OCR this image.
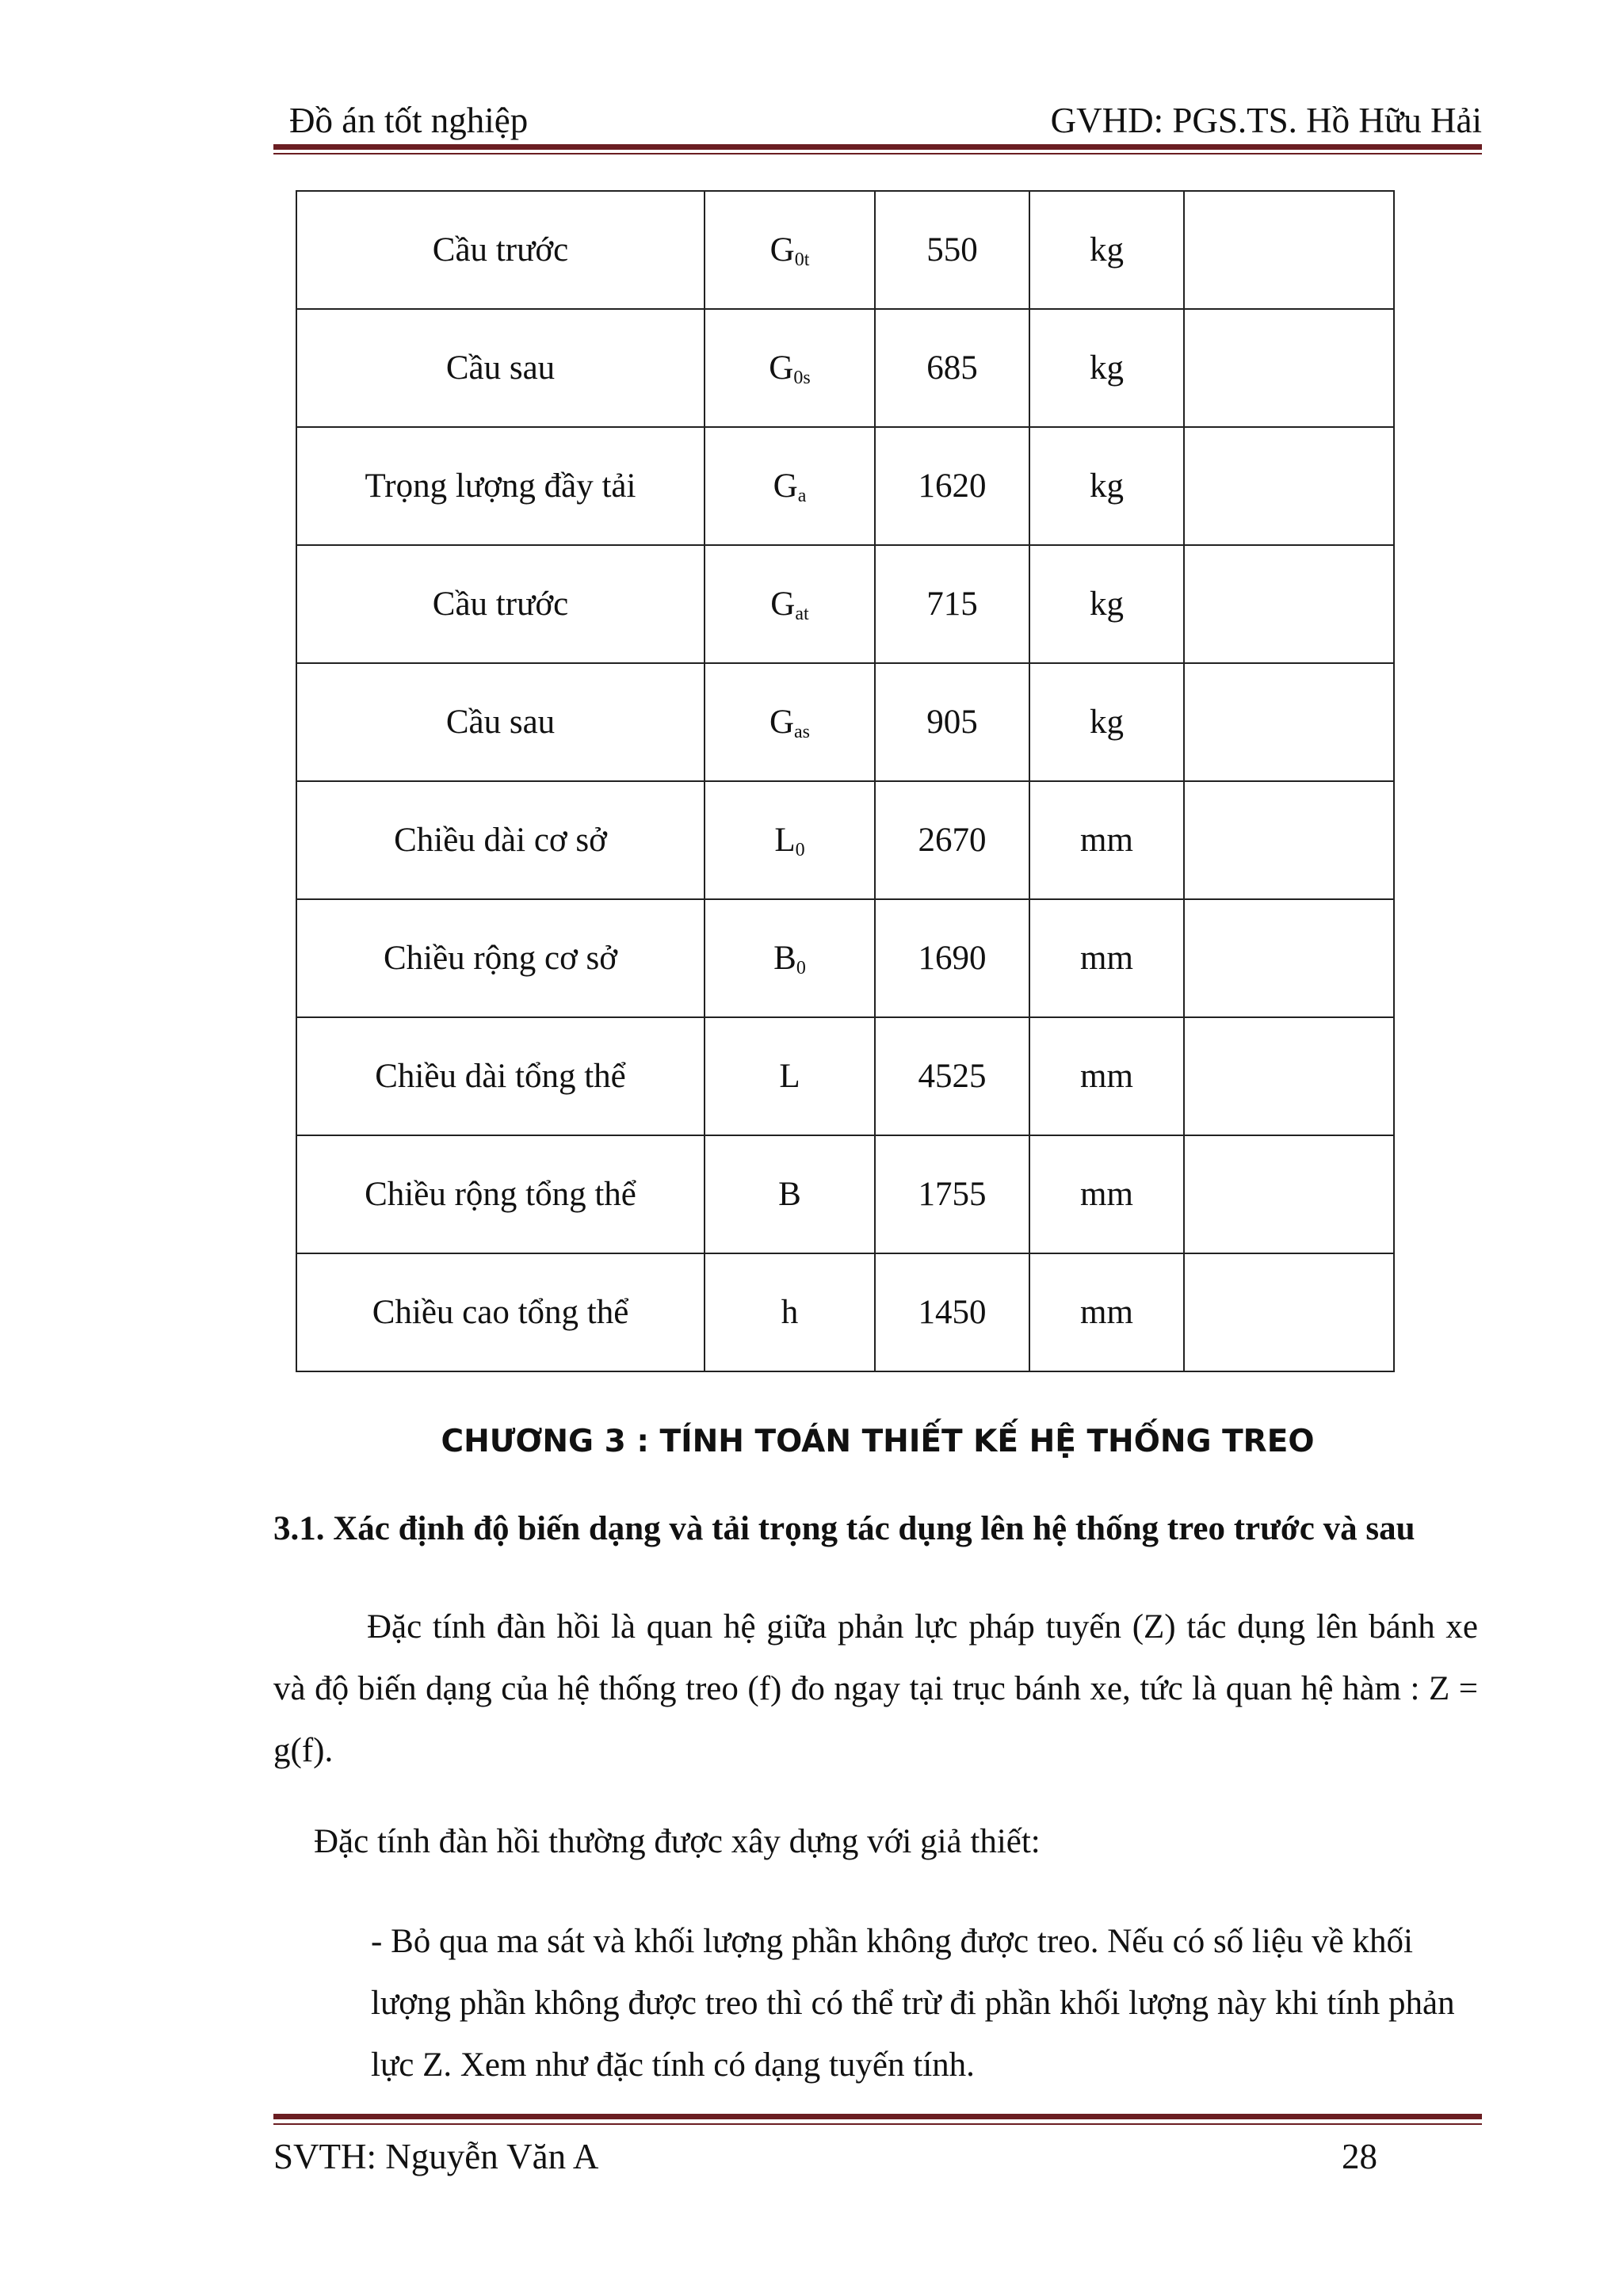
Đồ án tốt nghiệp	GVHD: PGS.TS. Hồ Hữu Hải
Cầu trước	$G_{0t}$	550	kg	
Cầu sau	$G_{0s}$	685	kg	
Trọng lượng đầy tải	$G_a$	1620	kg	
Cầu trước	$G_{at}$	715	kg	
Cầu sau	$G_{as}$	905	kg	
Chiều dài cơ sở	$L_0$	2670	mm	
Chiều rộng cơ sở	$B_0$	1690	mm	
Chiều dài tổng thể	L	4525	mm	
Chiều rộng tổng thể	B	1755	mm	
Chiều cao tổng thể	h	1450	mm	
CHƯƠNG 3 : TÍNH TOÁN THIẾT KẾ HỆ THỐNG TREO
3.1. Xác định độ biến dạng và tải trọng tác dụng lên hệ thống treo trước và sau

Đặc tính đàn hồi là quan hệ giữa phản lực pháp tuyến (Z) tác dụng lên bánh xe và độ biến dạng của hệ thống treo (f) đo ngay tại trục bánh xe, tức là quan hệ hàm : Z = g(f).

Đặc tính đàn hồi thường được xây dựng với giả thiết:

- Bỏ qua ma sát và khối lượng phần không được treo. Nếu có số liệu về khối lượng phần không được treo thì có thể trừ đi phần khối lượng này khi tính phản lực Z. Xem như đặc tính có dạng tuyến tính.

SVTH: Nguyễn Văn A	28
